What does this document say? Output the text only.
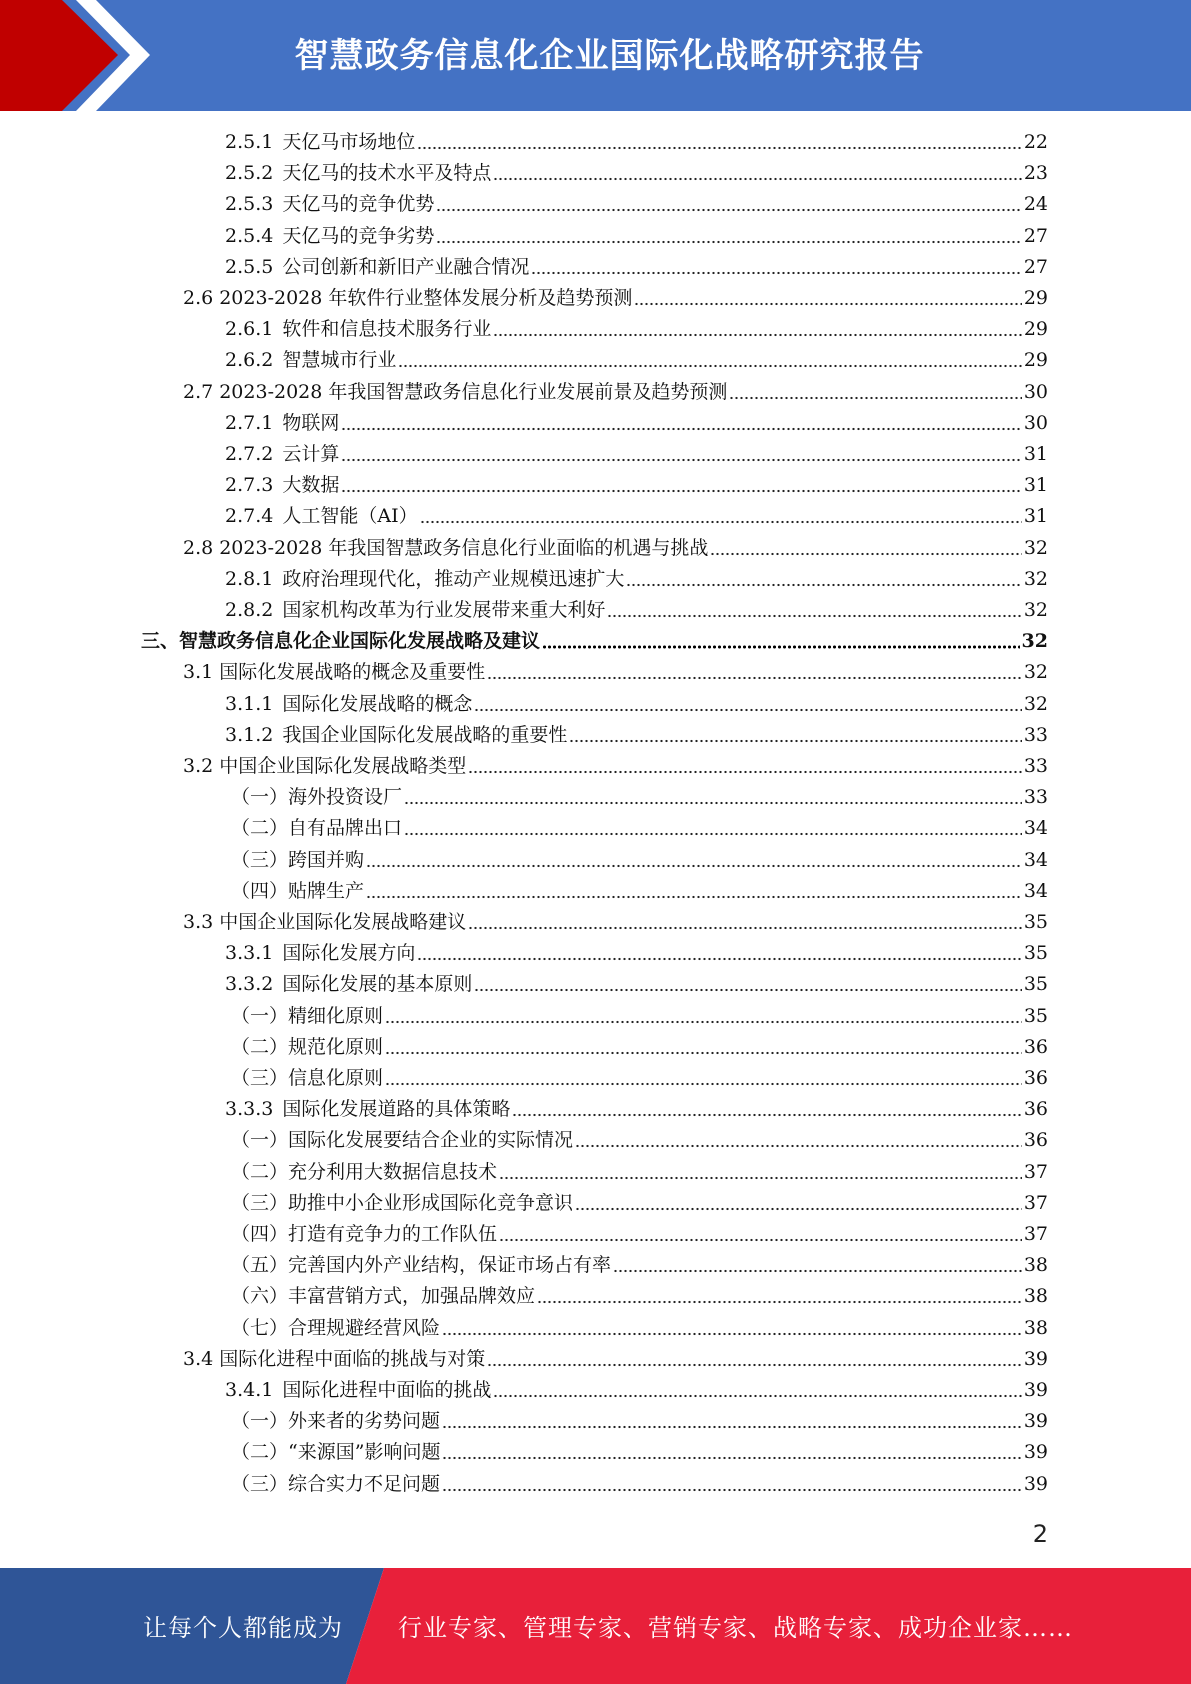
智慧政务信息化企业国际化战略研究报告
2.5.1 天亿马市场地位	22
2.5.2 天亿马的技术水平及特点	23
2.5.3 天亿马的竞争优势	24
2.5.4 天亿马的竞争劣势	27
2.5.5 公司创新和新旧产业融合情况	27
2.6 2023-2028 年软件行业整体发展分析及趋势预测	29
2.6.1 软件和信息技术服务行业	29
2.6.2 智慧城市行业	29
2.7 2023-2028 年我国智慧政务信息化行业发展前景及趋势预测	30
2.7.1 物联网	30
2.7.2 云计算	31
2.7.3 大数据	31
2.7.4 人工智能（AI）	31
2.8 2023-2028 年我国智慧政务信息化行业面临的机遇与挑战	32
2.8.1 政府治理现代化，推动产业规模迅速扩大	32
2.8.2 国家机构改革为行业发展带来重大利好	32
三、 智慧政务信息化企业国际化发展战略及建议	32
3.1 国际化发展战略的概念及重要性	32
3.1.1 国际化发展战略的概念	32
3.1.2 我国企业国际化发展战略的重要性	33
3.2 中国企业国际化发展战略类型	33
（一） 海外投资设厂	33
（二） 自有品牌出口	34
（三） 跨国并购	34
（四） 贴牌生产	34
3.3 中国企业国际化发展战略建议	35
3.3.1 国际化发展方向	35
3.3.2 国际化发展的基本原则	35
（一） 精细化原则	35
（二） 规范化原则	36
（三） 信息化原则	36
3.3.3 国际化发展道路的具体策略	36
（一） 国际化发展要结合企业的实际情况	36
（二） 充分利用大数据信息技术	37
（三） 助推中小企业形成国际化竞争意识	37
（四） 打造有竞争力的工作队伍	37
（五） 完善国内外产业结构，保证市场占有率	38
（六） 丰富营销方式，加强品牌效应	38
（七） 合理规避经营风险	38
3.4 国际化进程中面临的挑战与对策	39
3.4.1 国际化进程中面临的挑战	39
（一） 外来者的劣势问题	39
（二） “来源国”影响问题	39
（三） 综合实力不足问题	39
2
让每个人都能成为 行业专家、管理专家、营销专家、战略专家、成功企业家……
